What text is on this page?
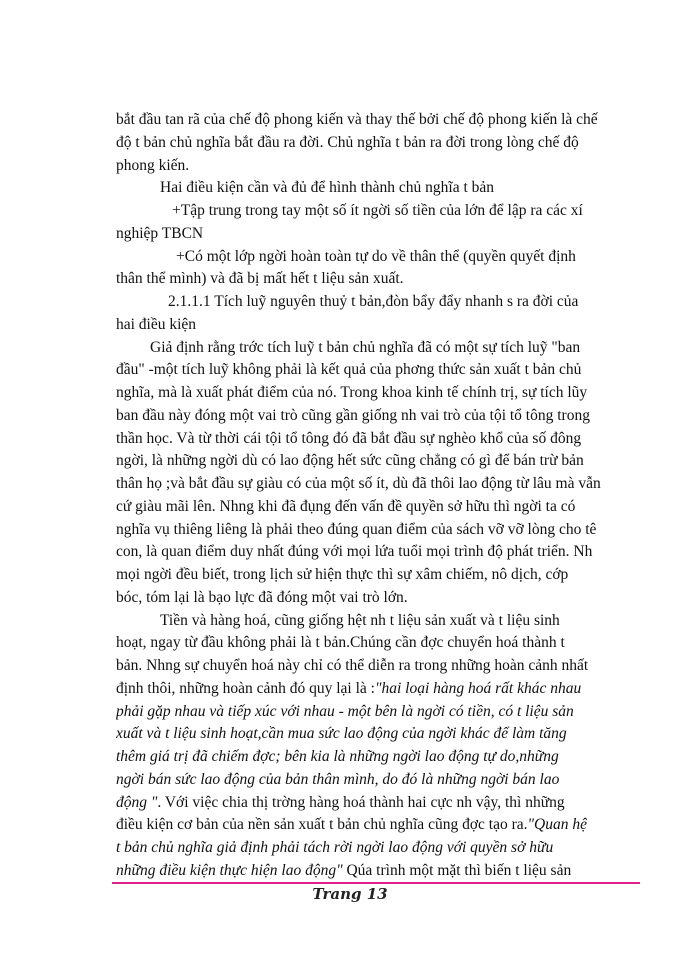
bắt đầu tan rã của chế độ phong kiến và thay thế bởi chế độ phong kiến là chế
độ t bản chủ nghĩa bắt đầu ra đời. Chủ nghĩa t bản ra đời trong lòng chế độ
phong kiến.
Hai điều kiện cần và đủ để hình thành chủ nghĩa t bản
+Tập trung trong tay một số ít ngời số tiền của lớn để lập ra các xí
nghiệp TBCN
+Có một lớp ngời hoàn toàn tự do về thân thể (quyền quyết định
thân thể mình) và đã bị mất hết t liệu sản xuất.
2.1.1.1 Tích luỹ nguyên thuỷ t bản,đòn bẩy đẩy nhanh s ra đời của
hai điều kiện
Giả định rằng trớc tích luỹ t bản chủ nghĩa đã có một sự tích luỹ "ban
đầu" -một tích luỹ không phải là kết quả của phơng thức sản xuất t bản chủ
nghĩa, mà là xuất phát điểm của nó. Trong khoa kinh tế chính trị, sự tích lũy
ban đầu này đóng một vai trò cũng gần giống nh vai trò của tội tổ tông trong
thần học. Và từ thời cái tội tổ tông đó đã bắt đầu sự nghèo khổ của số đông
ngời, là những ngời dù có lao động hết sức cũng chẳng có gì để bán trừ bản
thân họ ;và bắt đầu sự giàu có của một số ít, dù đã thôi lao động từ lâu mà vẫn
cứ giàu mãi lên. Nhng khi đã đụng đến vấn đề quyền sở hữu thì ngời ta có
nghĩa vụ thiêng liêng là phải theo đúng quan điểm của sách vỡ vỡ lòng cho tê
con, là quan điểm duy nhất đúng với mọi lứa tuổi mọi trình độ phát triển. Nh
mọi ngời đều biết, trong lịch sử hiện thực thì sự xâm chiếm, nô dịch, cớp
bóc, tóm lại là bạo lực đã đóng một vai trò lớn.
Tiền và hàng hoá, cũng giống hệt nh t liệu sản xuất và t liệu sinh
hoạt, ngay từ đầu không phải là t bản.Chúng cần đợc chuyển hoá thành t
bản. Nhng sự chuyển hoá này chỉ có thể diễn ra trong những hoàn cảnh nhất
định thôi, những hoàn cảnh đó quy lại là :"hai loại hàng hoá rất khác nhau
phải gặp nhau và tiếp xúc với nhau - một bên là ngời có tiền, có t liệu sản
xuất và t liệu sinh hoạt,cần mua sức lao động của ngời khác để làm tăng
thêm giá trị đã chiếm đợc; bên kia là những ngời lao động tự do,những
ngời bán sức lao động của bản thân mình, do đó là những ngời bán lao
động ". Với việc chia thị trờng hàng hoá thành hai cực nh vậy, thì những
điều kiện cơ bản của nền sản xuất t bản chủ nghĩa cũng đợc tạo ra."Quan hệ
t bản chủ nghĩa giả định phải tách rời ngời lao động với quyền sở hữu
những điều kiện thực hiện lao động" Qúa trình một mặt thì biến t liệu sản
Trang 13
